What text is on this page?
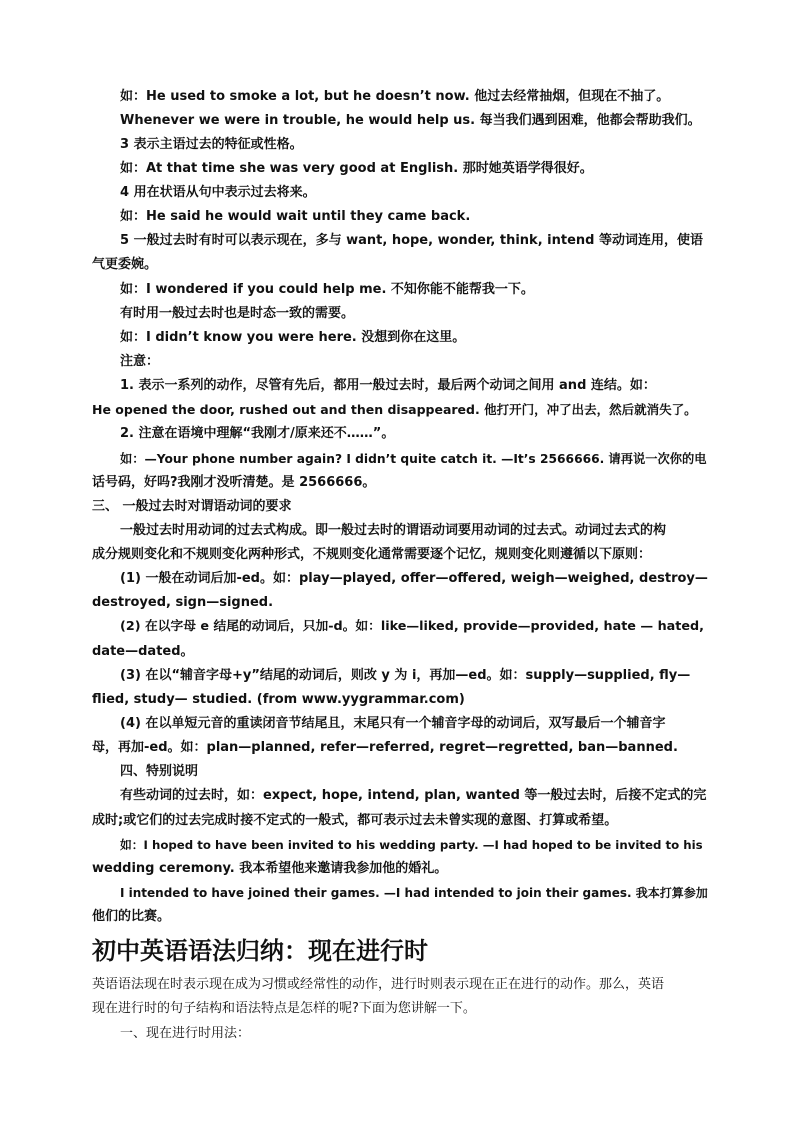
如：He used to smoke a lot, but he doesn’t now. 他过去经常抽烟，但现在不抽了。
Whenever we were in trouble, he would help us. 每当我们遇到困难，他都会帮助我们。
3 表示主语过去的特征或性格。
如：At that time she was very good at English. 那时她英语学得很好。
4 用在状语从句中表示过去将来。
如：He said he would wait until they came back.
5 一般过去时有时可以表示现在，多与 want, hope, wonder, think, intend 等动词连用，使语
气更委婉。
如：I wondered if you could help me. 不知你能不能帮我一下。
有时用一般过去时也是时态一致的需要。
如：I didn’t know you were here. 没想到你在这里。
注意：
1. 表示一系列的动作，尽管有先后，都用一般过去时，最后两个动词之间用 and 连结。如：
He opened the door, rushed out and then disappeared. 他打开门，冲了出去，然后就消失了。
2. 注意在语境中理解“我刚才/原来还不……”。
如：—Your phone number again? I didn’t quite catch it. —It’s 2566666. 请再说一次你的电
话号码，好吗?我刚才没听清楚。是 2566666。
三、 一般过去时对谓语动词的要求
一般过去时用动词的过去式构成。即一般过去时的谓语动词要用动词的过去式。动词过去式的构
成分规则变化和不规则变化两种形式，不规则变化通常需要逐个记忆，规则变化则遵循以下原则：
(1) 一般在动词后加-ed。如：play—played, offer—offered, weigh—weighed, destroy—
destroyed, sign—signed.
(2) 在以字母 e 结尾的动词后，只加-d。如：like—liked, provide—provided, hate — hated,
date—dated。
(3) 在以“辅音字母+y”结尾的动词后，则改 y 为 i，再加—ed。如：supply—supplied, fly—
flied, study— studied. (from www.yygrammar.com)
(4) 在以单短元音的重读闭音节结尾且，末尾只有一个辅音字母的动词后，双写最后一个辅音字
母，再加-ed。如：plan—planned, refer—referred, regret—regretted, ban—banned.
四、特别说明
有些动词的过去时，如：expect, hope, intend, plan, wanted 等一般过去时，后接不定式的完
成时;或它们的过去完成时接不定式的一般式，都可表示过去未曾实现的意图、打算或希望。
如：I hoped to have been invited to his wedding party. —I had hoped to be invited to his
wedding ceremony. 我本希望他来邀请我参加他的婚礼。
I intended to have joined their games. —I had intended to join their games. 我本打算参加
他们的比赛。
初中英语语法归纳：现在进行时
英语语法现在时表示现在成为习惯或经常性的动作，进行时则表示现在正在进行的动作。那么，英语
现在进行时的句子结构和语法特点是怎样的呢?下面为您讲解一下。
一、现在进行时用法：
